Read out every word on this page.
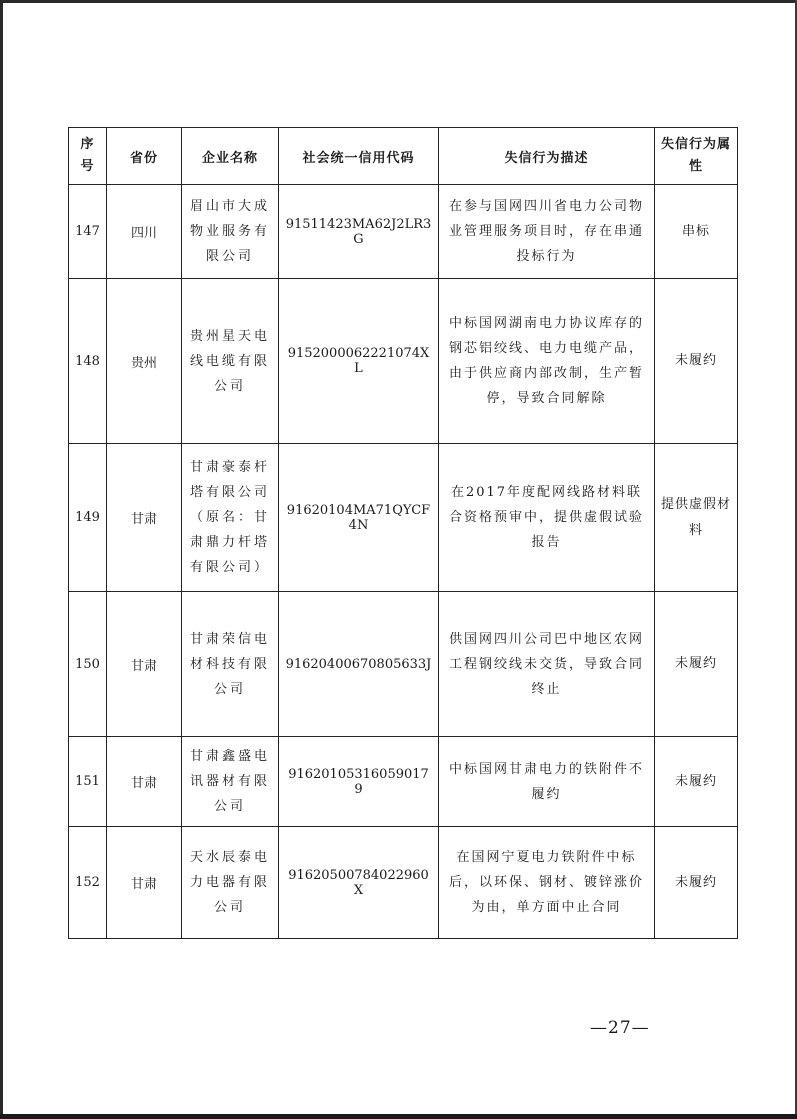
序号	省份	企业名称	社会统一信用代码	失信行为描述	失信行为属性
147	四川	眉山市大成物业服务有限公司	91511423MA62J2LR3G	在参与国网四川省电力公司物业管理服务项目时，存在串通投标行为	串标
148	贵州	贵州星天电线电缆有限公司	9152000062221074XL	中标国网湖南电力协议库存的钢芯铝绞线、电力电缆产品，由于供应商内部改制，生产暂停，导致合同解除	未履约
149	甘肃	甘肃豪泰杆塔有限公司（原名：甘肃鼎力杆塔有限公司）	91620104MA71QYCF4N	在2017年度配网线路材料联合资格预审中，提供虚假试验报告	提供虚假材料
150	甘肃	甘肃荣信电材科技有限公司	91620400670805633J	供国网四川公司巴中地区农网工程钢绞线未交货，导致合同终止	未履约
151	甘肃	甘肃鑫盛电讯器材有限公司	916201053160590179	中标国网甘肃电力的铁附件不履约	未履约
152	甘肃	天水辰泰电力电器有限公司	91620500784022960X	在国网宁夏电力铁附件中标后，以环保、钢材、镀锌涨价为由，单方面中止合同	未履约
—27—
